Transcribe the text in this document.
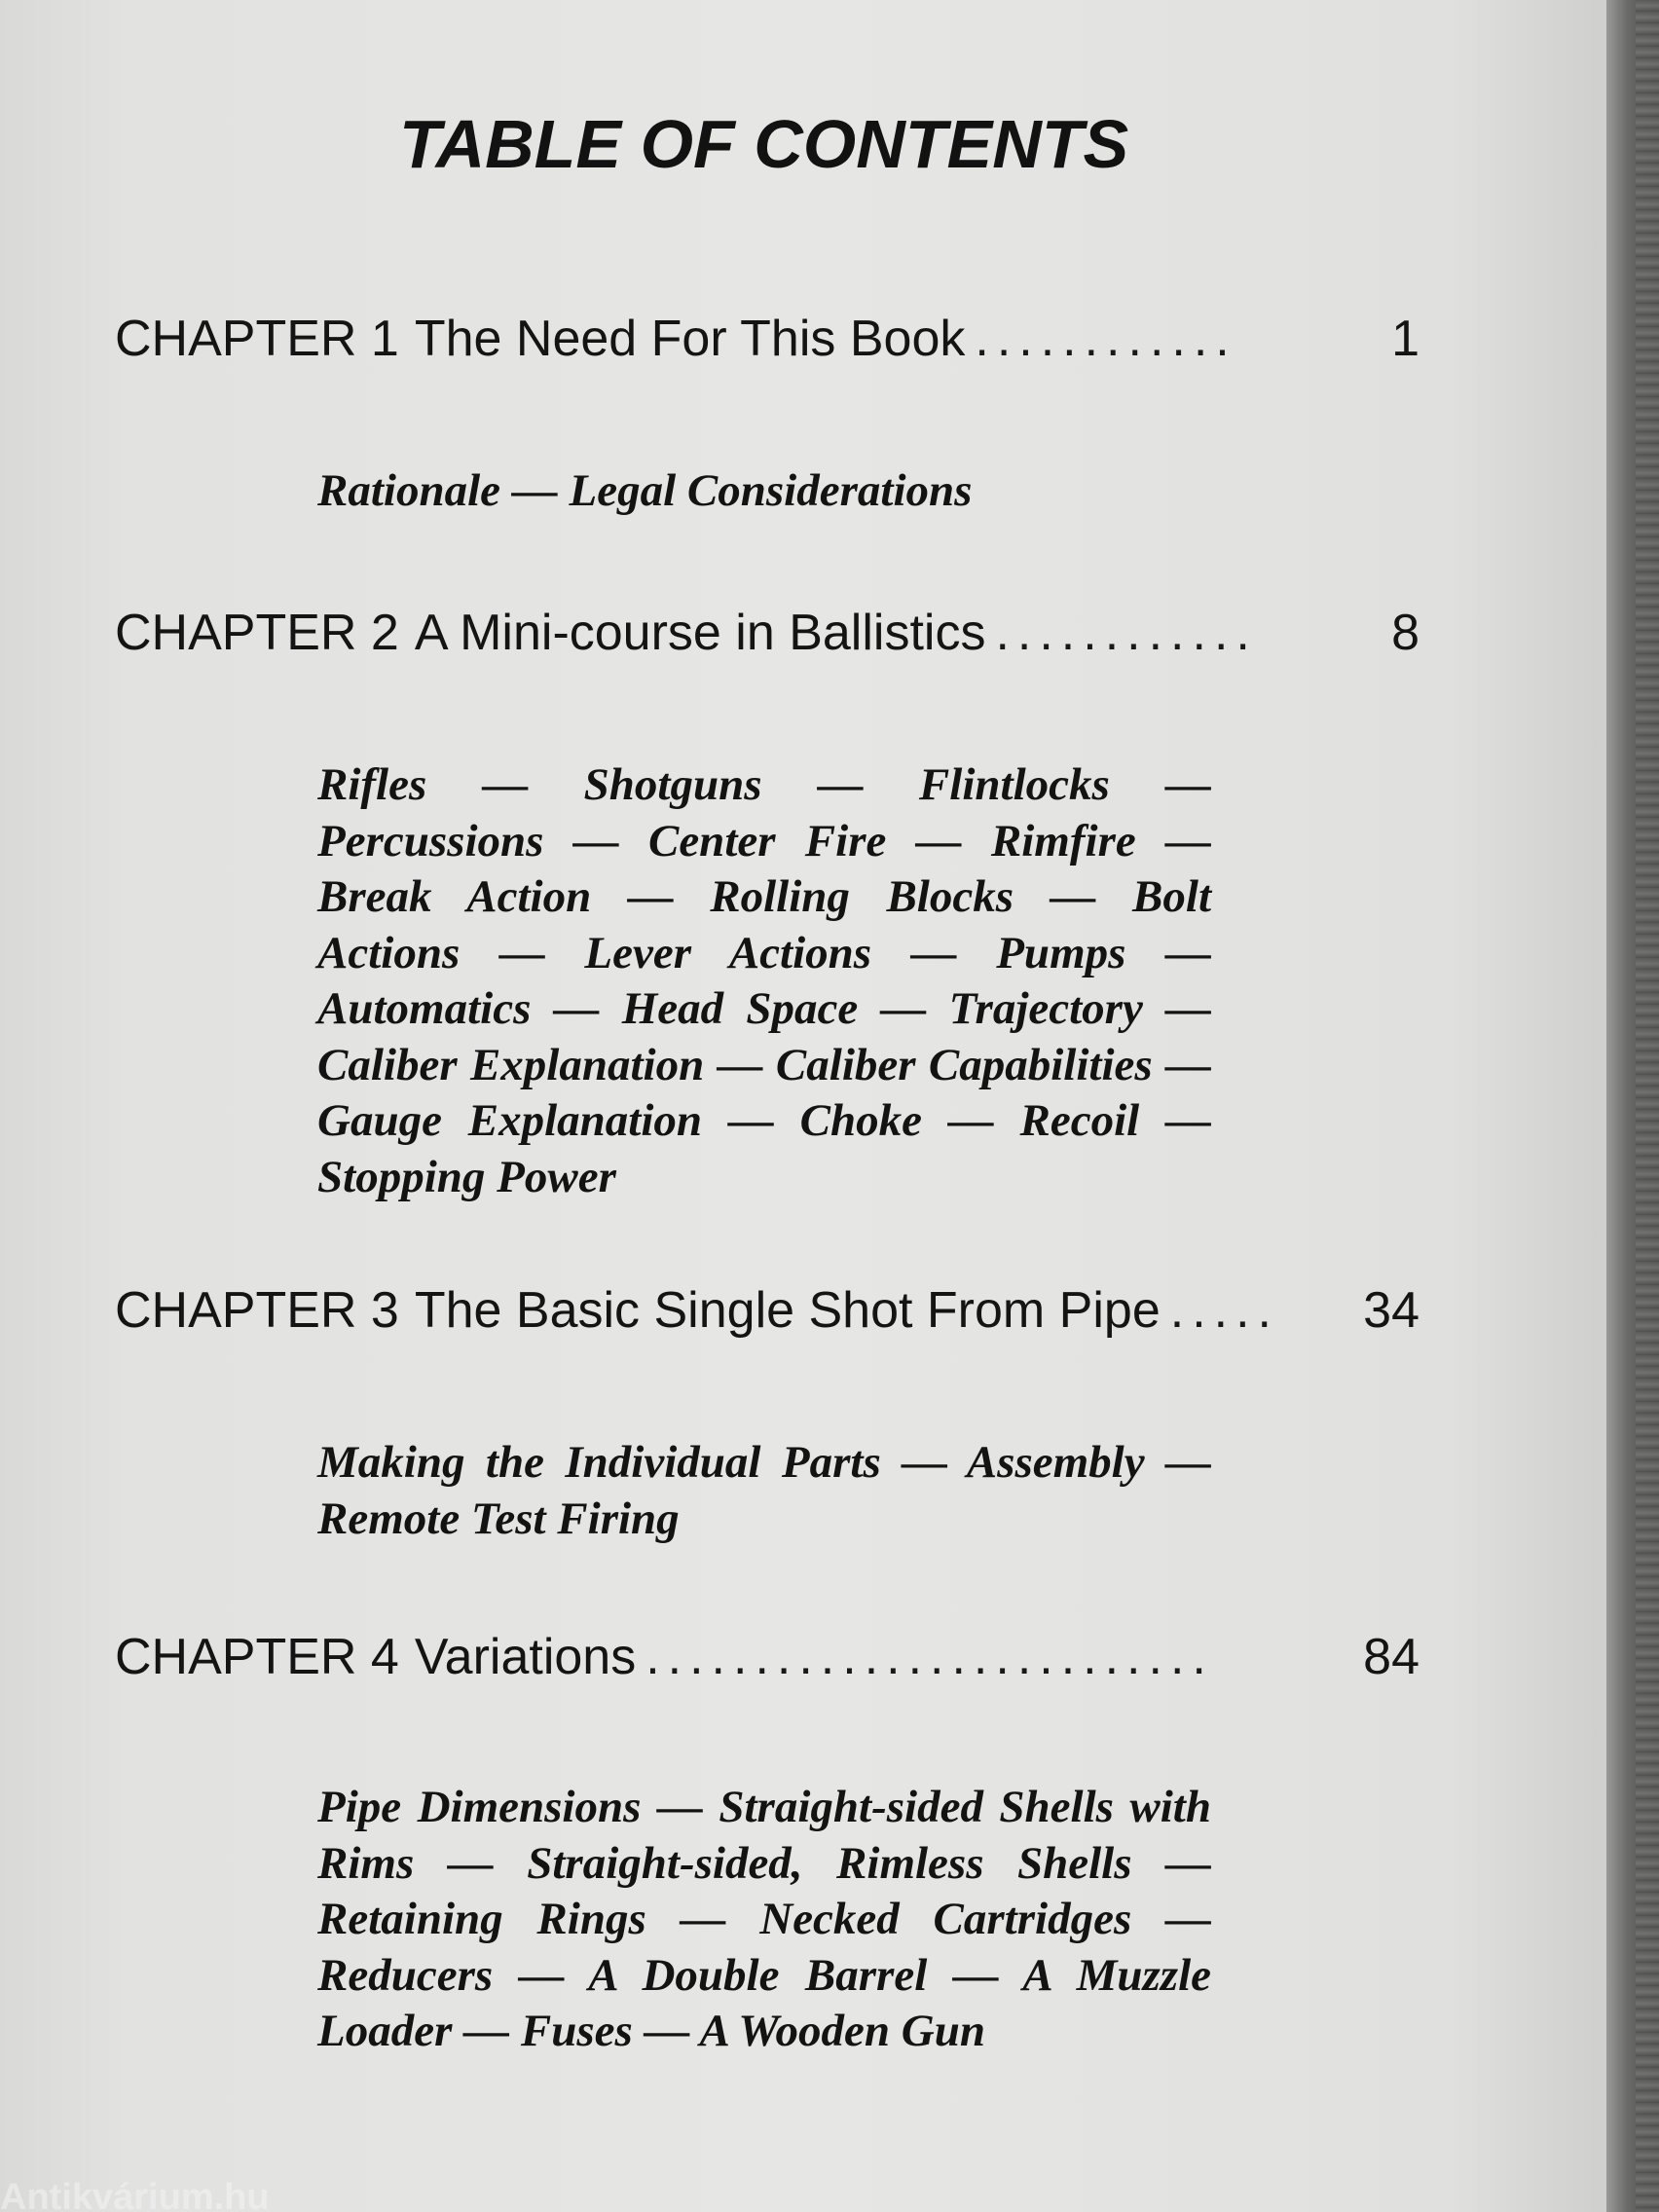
TABLE OF CONTENTS
CHAPTER 1 The Need For This Book ............	1

Rationale — Legal Considerations

CHAPTER 2 A Mini-course in Ballistics ............	8

Rifles — Shotguns — Flintlocks — Percussions — Center Fire — Rimfire — Break Action — Rolling Blocks — Bolt Actions — Lever Actions — Pumps — Automatics — Head Space — Trajectory — Caliber Explanation — Caliber Capabilities — Gauge Explanation — Choke — Recoil — Stopping Power

CHAPTER 3 The Basic Single Shot From Pipe .....	34

Making the Individual Parts — Assembly — Remote Test Firing

CHAPTER 4 Variations ..........................	84

Pipe Dimensions — Straight-sided Shells with Rims — Straight-sided, Rimless Shells — Retaining Rings — Necked Cartridges — Reducers — A Double Barrel — A Muzzle Loader — Fuses — A Wooden Gun

Antikvárium.hu
